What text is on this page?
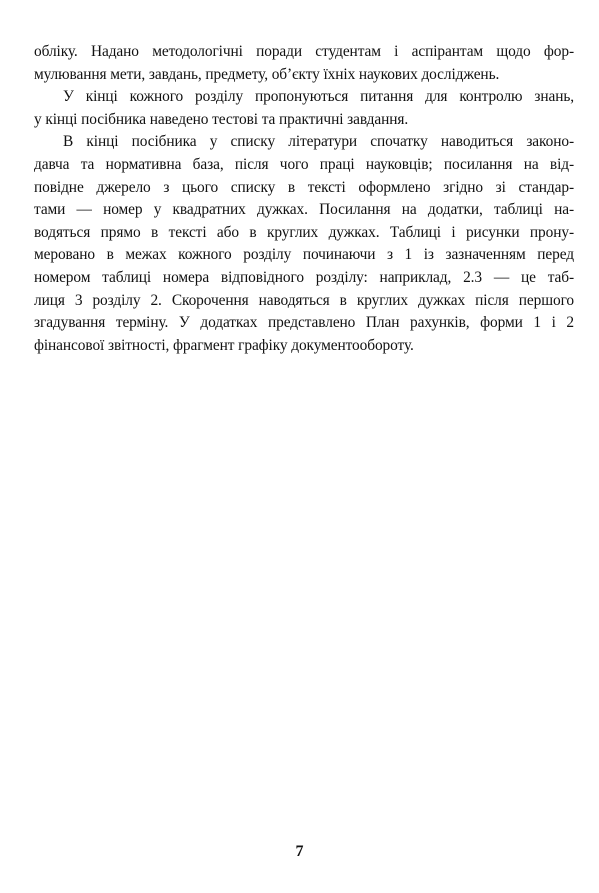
обліку. Надано методологічні поради студентам і аспірантам щодо фор-
мулювання мети, завдань, предмету, об’єкту їхніх наукових досліджень.
У кінці кожного розділу пропонуються питання для контролю знань,
у кінці посібника наведено тестові та практичні завдання.
В кінці посібника у списку літератури спочатку наводиться законо-
давча та нормативна база, після чого праці науковців; посилання на від-
повідне джерело з цього списку в тексті оформлено згідно зі стандар-
тами — номер у квадратних дужках. Посилання на додатки, таблиці на-
водяться прямо в тексті або в круглих дужках. Таблиці і рисунки прону-
меровано в межах кожного розділу починаючи з 1 із зазначенням перед
номером таблиці номера відповідного розділу: наприклад, 2.3 — це таб-
лиця 3 розділу 2. Скорочення наводяться в круглих дужках після першого
згадування терміну. У додатках представлено План рахунків, форми 1 і 2
фінансової звітності, фрагмент графіку документообороту.
7
